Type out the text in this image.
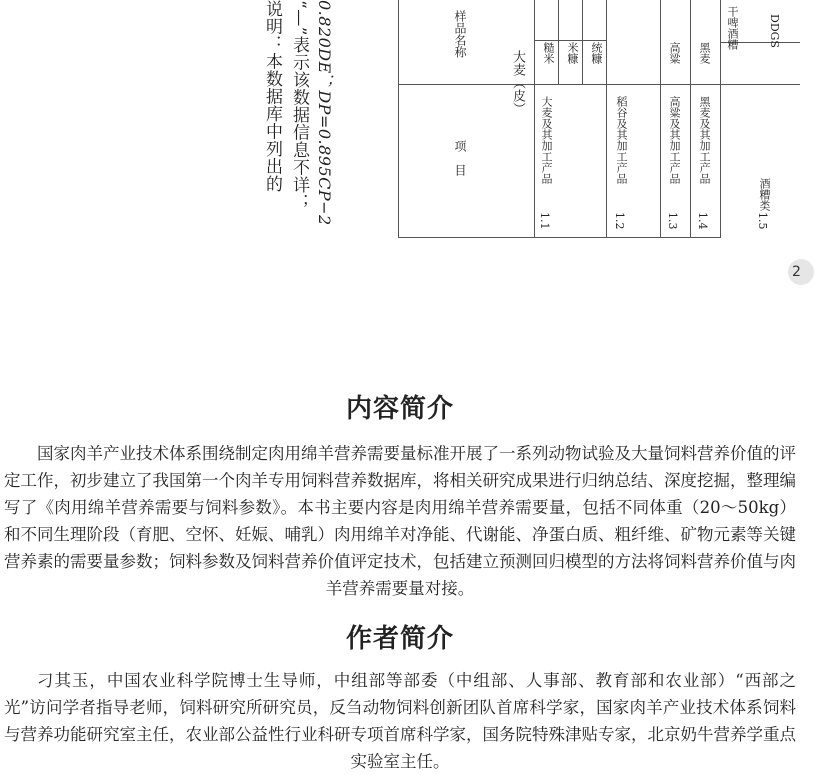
说明：本数据库中列出的 “—”表示该数据信息不详； 0.820DE；DP=0.895CP−2	样品名称
项　目
大麦（皮）
大麦及其加工产品
1.1
糙米 米糠 统糠
稻谷及其加工产品
1.2
高粱
高粱及其加工产品
1.3
黑麦
黑麦及其加工产品
1.4
干啤酒糟	DDGS
酒糟类
1.5
2
内容简介

国家肉羊产业技术体系围绕制定肉用绵羊营养需要量标准开展了一系列动物试验及大量饲料营养价值的评定工作，初步建立了我国第一个肉羊专用饲料营养数据库，将相关研究成果进行归纳总结、深度挖掘，整理编写了《肉用绵羊营养需要与饲料参数》。本书主要内容是肉用绵羊营养需要量，包括不同体重（20～50kg）和不同生理阶段（育肥、空怀、妊娠、哺乳）肉用绵羊对净能、代谢能、净蛋白质、粗纤维、矿物元素等关键营养素的需要量参数；饲料参数及饲料营养价值评定技术，包括建立预测回归模型的方法将饲料营养价值与肉羊营养需要量对接。

作者简介

刁其玉，中国农业科学院博士生导师，中组部等部委（中组部、人事部、教育部和农业部）“西部之光”访问学者指导老师，饲料研究所研究员，反刍动物饲料创新团队首席科学家，国家肉羊产业技术体系饲料与营养功能研究室主任，农业部公益性行业科研专项首席科学家，国务院特殊津贴专家，北京奶牛营养学重点实验室主任。
